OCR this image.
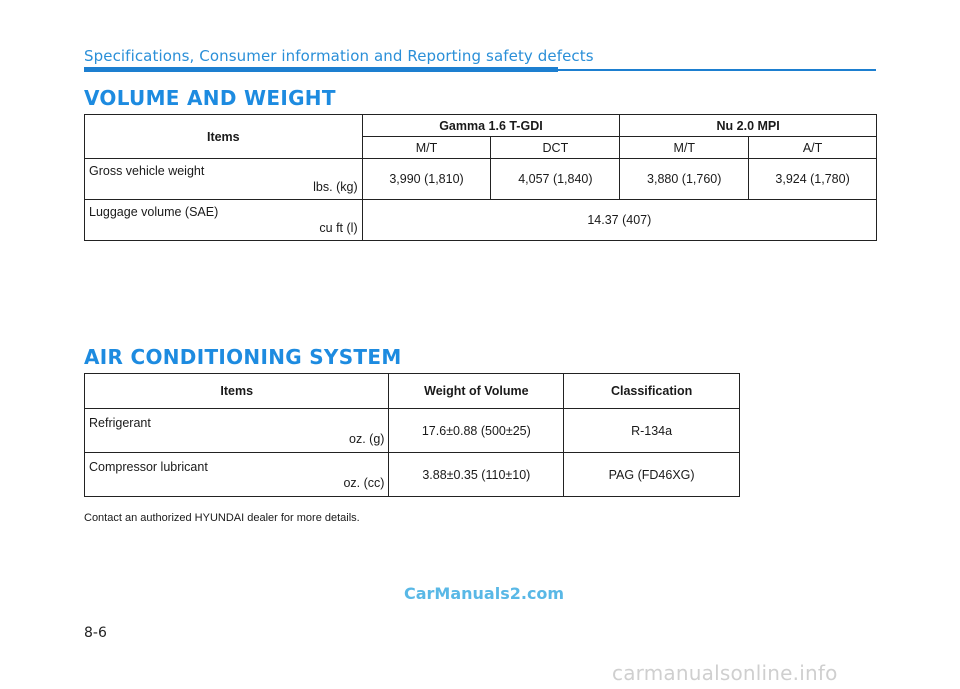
Specifications, Consumer information and Reporting safety defects
VOLUME AND WEIGHT
Items	Gamma 1.6 T-GDI		Nu 2.0 MPI	
	M/T	DCT	M/T	A/T

Gross vehicle weight
lbs. (kg)	3,990 (1,810)	4,057 (1,840)	3,880 (1,760)	3,924 (1,780)

Luggage volume (SAE)
cu ft (l)	14.37 (407)			
AIR CONDITIONING SYSTEM
Items	Weight of Volume	Classification

Refrigerant
oz. (g)	17.6±0.88 (500±25)	R-134a

Compressor lubricant
oz. (cc)	3.88±0.35 (110±10)	PAG (FD46XG)
Contact an authorized HYUNDAI dealer for more details.
CarManuals2.com
8-6
carmanualsonline.info
